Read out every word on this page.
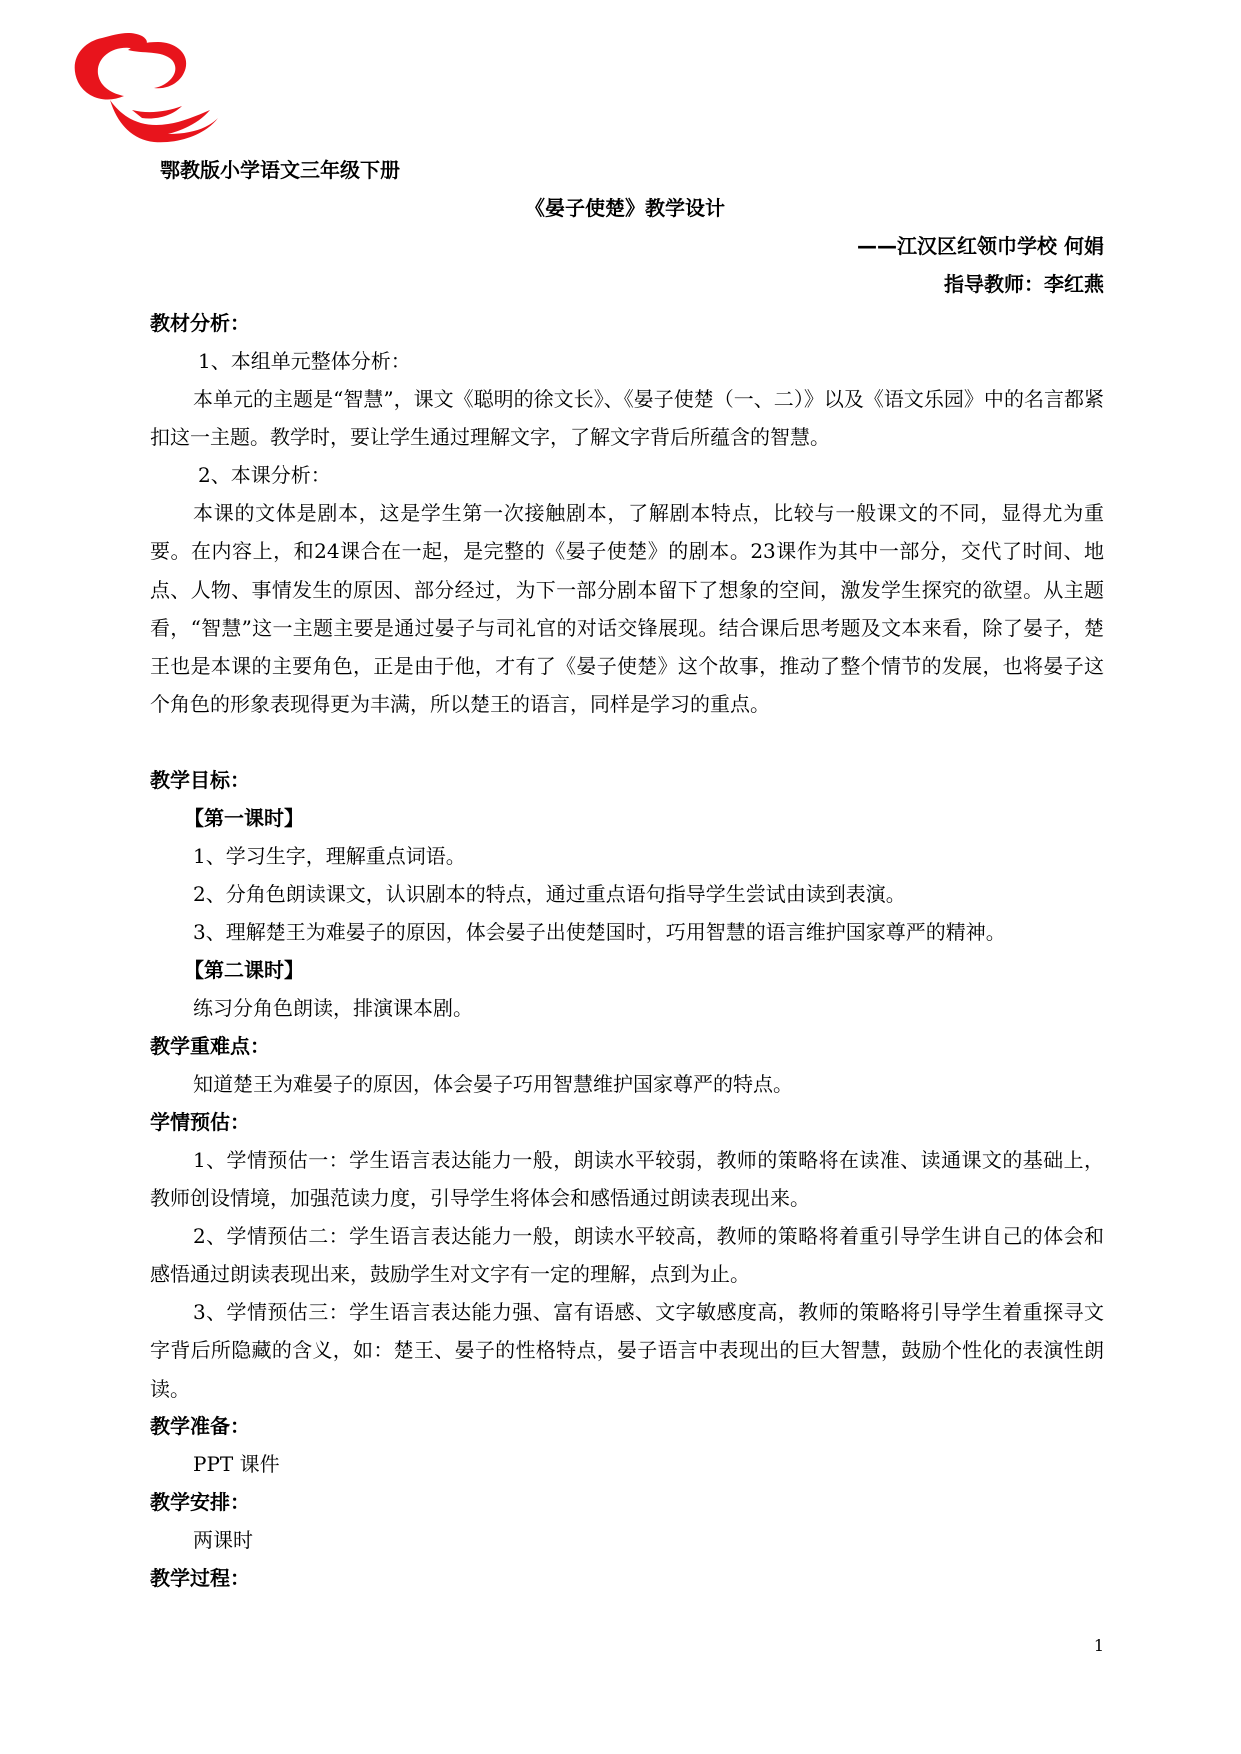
鄂教版小学语文三年级下册
《晏子使楚》教学设计
——江汉区红领巾学校 何娟
指导教师：李红燕
教材分析：
1、本组单元整体分析：
本单元的主题是“智慧”，课文《聪明的徐文长》、《晏子使楚（一、二）》以及《语文乐园》中的名言都紧扣这一主题。教学时，要让学生通过理解文字，了解文字背后所蕴含的智慧。
2、本课分析：
本课的文体是剧本，这是学生第一次接触剧本，了解剧本特点，比较与一般课文的不同，显得尤为重要。在内容上，和24课合在一起，是完整的《晏子使楚》的剧本。23课作为其中一部分，交代了时间、地点、人物、事情发生的原因、部分经过，为下一部分剧本留下了想象的空间，激发学生探究的欲望。从主题看，“智慧”这一主题主要是通过晏子与司礼官的对话交锋展现。结合课后思考题及文本来看，除了晏子，楚王也是本课的主要角色，正是由于他，才有了《晏子使楚》这个故事，推动了整个情节的发展，也将晏子这个角色的形象表现得更为丰满，所以楚王的语言，同样是学习的重点。
教学目标：
【第一课时】
1、学习生字，理解重点词语。
2、分角色朗读课文，认识剧本的特点，通过重点语句指导学生尝试由读到表演。
3、理解楚王为难晏子的原因，体会晏子出使楚国时，巧用智慧的语言维护国家尊严的精神。
【第二课时】
练习分角色朗读，排演课本剧。
教学重难点：
知道楚王为难晏子的原因，体会晏子巧用智慧维护国家尊严的特点。
学情预估：
1、学情预估一：学生语言表达能力一般，朗读水平较弱，教师的策略将在读准、读通课文的基础上，教师创设情境，加强范读力度，引导学生将体会和感悟通过朗读表现出来。
2、学情预估二：学生语言表达能力一般，朗读水平较高，教师的策略将着重引导学生讲自己的体会和感悟通过朗读表现出来，鼓励学生对文字有一定的理解，点到为止。
3、学情预估三：学生语言表达能力强、富有语感、文字敏感度高，教师的策略将引导学生着重探寻文字背后所隐藏的含义，如：楚王、晏子的性格特点，晏子语言中表现出的巨大智慧，鼓励个性化的表演性朗读。
教学准备：
PPT 课件
教学安排：
两课时
教学过程：
1
